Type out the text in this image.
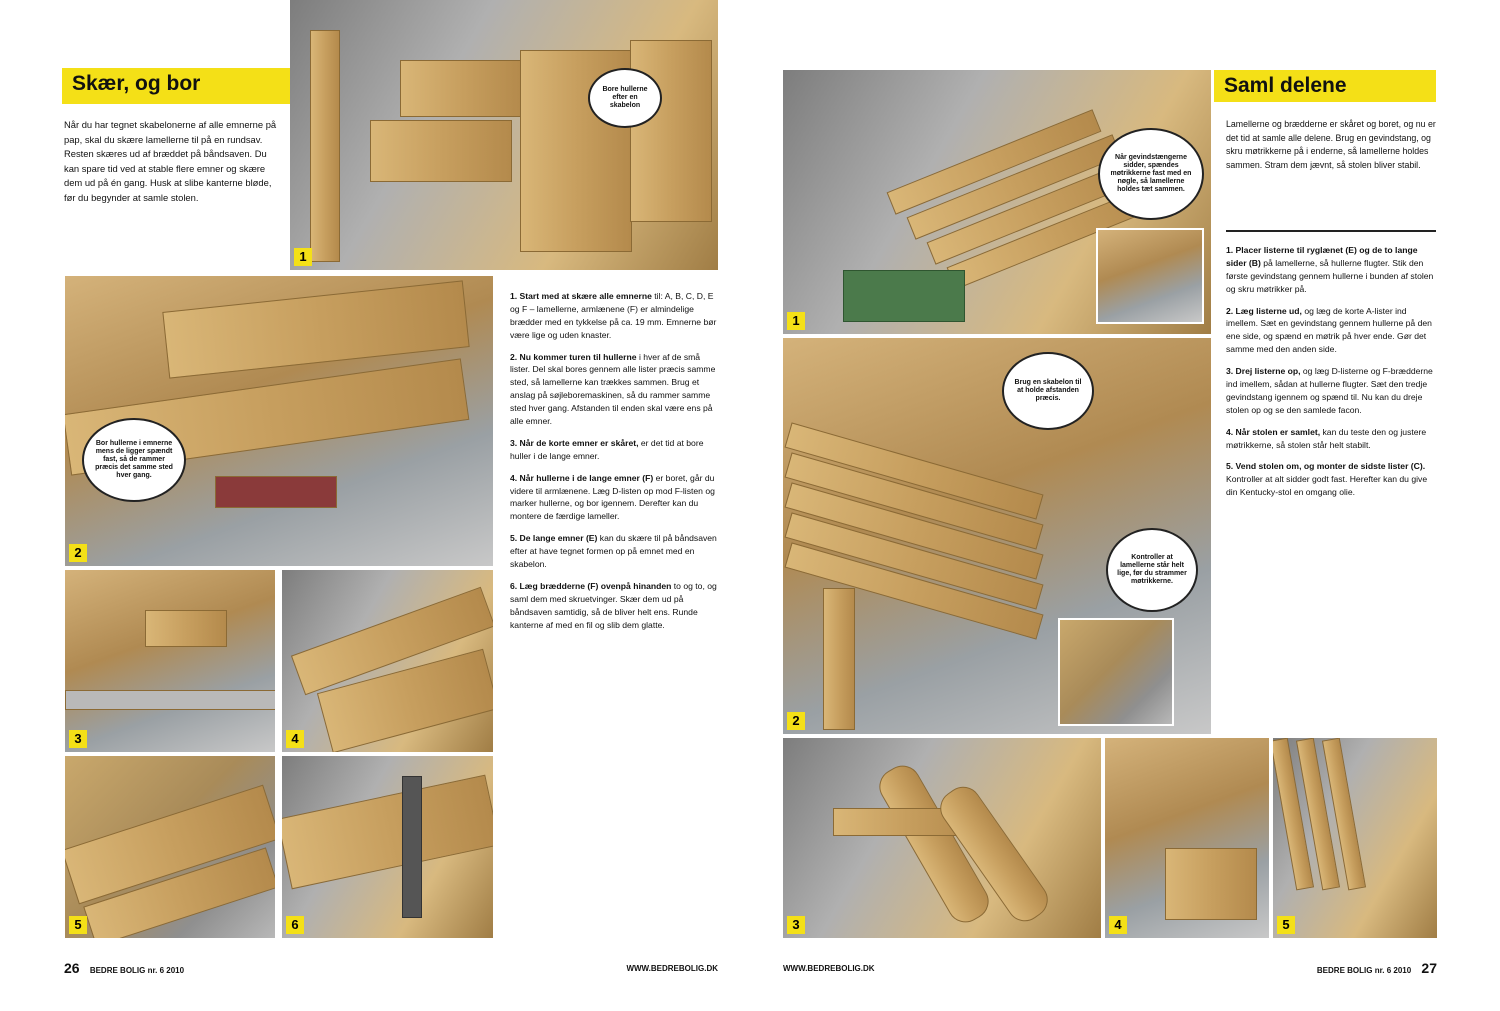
Skær, og bor
Når du har tegnet skabelonerne af alle emnerne på pap, skal du skære lamellerne til på en rundsav. Resten skæres ud af bræddet på båndsaven. Du kan spare tid ved at stable flere emner og skære dem ud på én gang. Husk at slibe kanterne bløde, før du begynder at samle stolen.
1
Bore hullerne efter en skabelon
2
Bor hullerne i emnerne mens de ligger spændt fast, så de rammer præcis det samme sted hver gang.
3	4
5	6

1. Start med at skære alle emnerne til: A, B, C, D, E og F – lamellerne, armlænene (F) er almindelige brædder med en tykkelse på ca. 19 mm. Emnerne bør være lige og uden knaster.

2. Nu kommer turen til hullerne i hver af de små lister. Del skal bores gennem alle lister præcis samme sted, så lamellerne kan trækkes sammen. Brug et anslag på søjleboremaskinen, så du rammer samme sted hver gang. Afstanden til enden skal være ens på alle emner.

3. Når de korte emner er skåret, er det tid at bore huller i de lange emner.

4. Når hullerne i de lange emner (F) er boret, går du videre til armlænene. Læg D-listen op mod F-listen og marker hullerne, og bor igennem. Derefter kan du montere de færdige lameller.

5. De lange emner (E) kan du skære til på båndsaven efter at have tegnet formen op på emnet med en skabelon.

6. Læg brædderne (F) ovenpå hinanden to og to, og saml dem med skruetvinger. Skær dem ud på båndsaven samtidig, så de bliver helt ens. Runde kanterne af med en fil og slib dem glatte.

26 BEDRE BOLIG nr. 6 2010	WWW.BEDREBOLIG.DK
1
Når gevindstængerne sidder, spændes møtrikkerne fast med en nøgle, så lamellerne holdes tæt sammen.
2
Brug en skabelon til at holde afstanden præcis.
Kontroller at lamellerne står helt lige, før du strammer møtrikkerne.
3	4	5
Saml delene
Lamellerne og brædderne er skåret og boret, og nu er det tid at samle alle delene. Brug en gevindstang, og skru møtrikkerne på i enderne, så lamellerne holdes sammen. Stram dem jævnt, så stolen bliver stabil.

1. Placer listerne til ryglænet (E) og de to lange sider (B) på lamellerne, så hullerne flugter. Stik den første gevindstang gennem hullerne i bunden af stolen og skru møtrikker på.

2. Læg listerne ud, og læg de korte A-lister ind imellem. Sæt en gevindstang gennem hullerne på den ene side, og spænd en møtrik på hver ende. Gør det samme med den anden side.

3. Drej listerne op, og læg D-listerne og F-brædderne ind imellem, sådan at hullerne flugter. Sæt den tredje gevindstang igennem og spænd til. Nu kan du dreje stolen op og se den samlede facon.

4. Når stolen er samlet, kan du teste den og justere møtrikkerne, så stolen står helt stabilt.

5. Vend stolen om, og monter de sidste lister (C). Kontroller at alt sidder godt fast. Herefter kan du give din Kentucky-stol en omgang olie.

WWW.BEDREBOLIG.DK	BEDRE BOLIG nr. 6 2010 27
